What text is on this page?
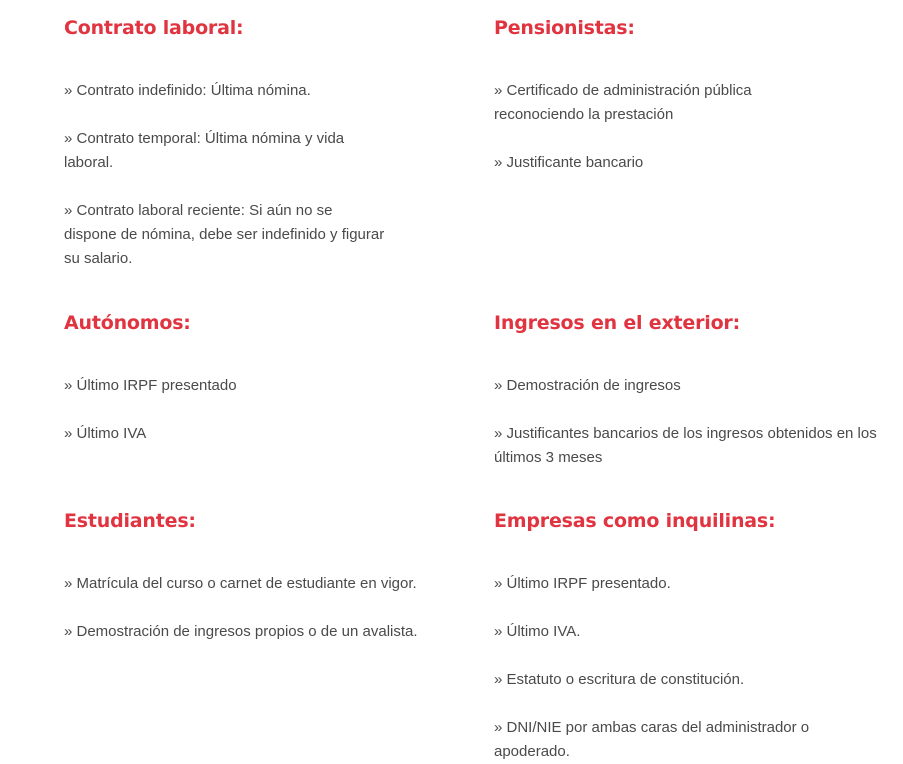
Contrato laboral:

» Contrato indefinido: Última nómina.

» Contrato temporal: Última nómina y vida laboral.

» Contrato laboral reciente: Si aún no se dispone de nómina, debe ser indefinido y figurar su salario.

Pensionistas:

» Certificado de administración pública reconociendo la prestación

» Justificante bancario

Autónomos:

» Último IRPF presentado

» Último IVA

Ingresos en el exterior:

» Demostración de ingresos

» Justificantes bancarios de los ingresos obtenidos en los últimos 3 meses

Estudiantes:

» Matrícula del curso o carnet de estudiante en vigor.

» Demostración de ingresos propios o de un avalista.

Empresas como inquilinas:

» Último IRPF presentado.

» Último IVA.

» Estatuto o escritura de constitución.

» DNI/NIE por ambas caras del administrador o apoderado.
